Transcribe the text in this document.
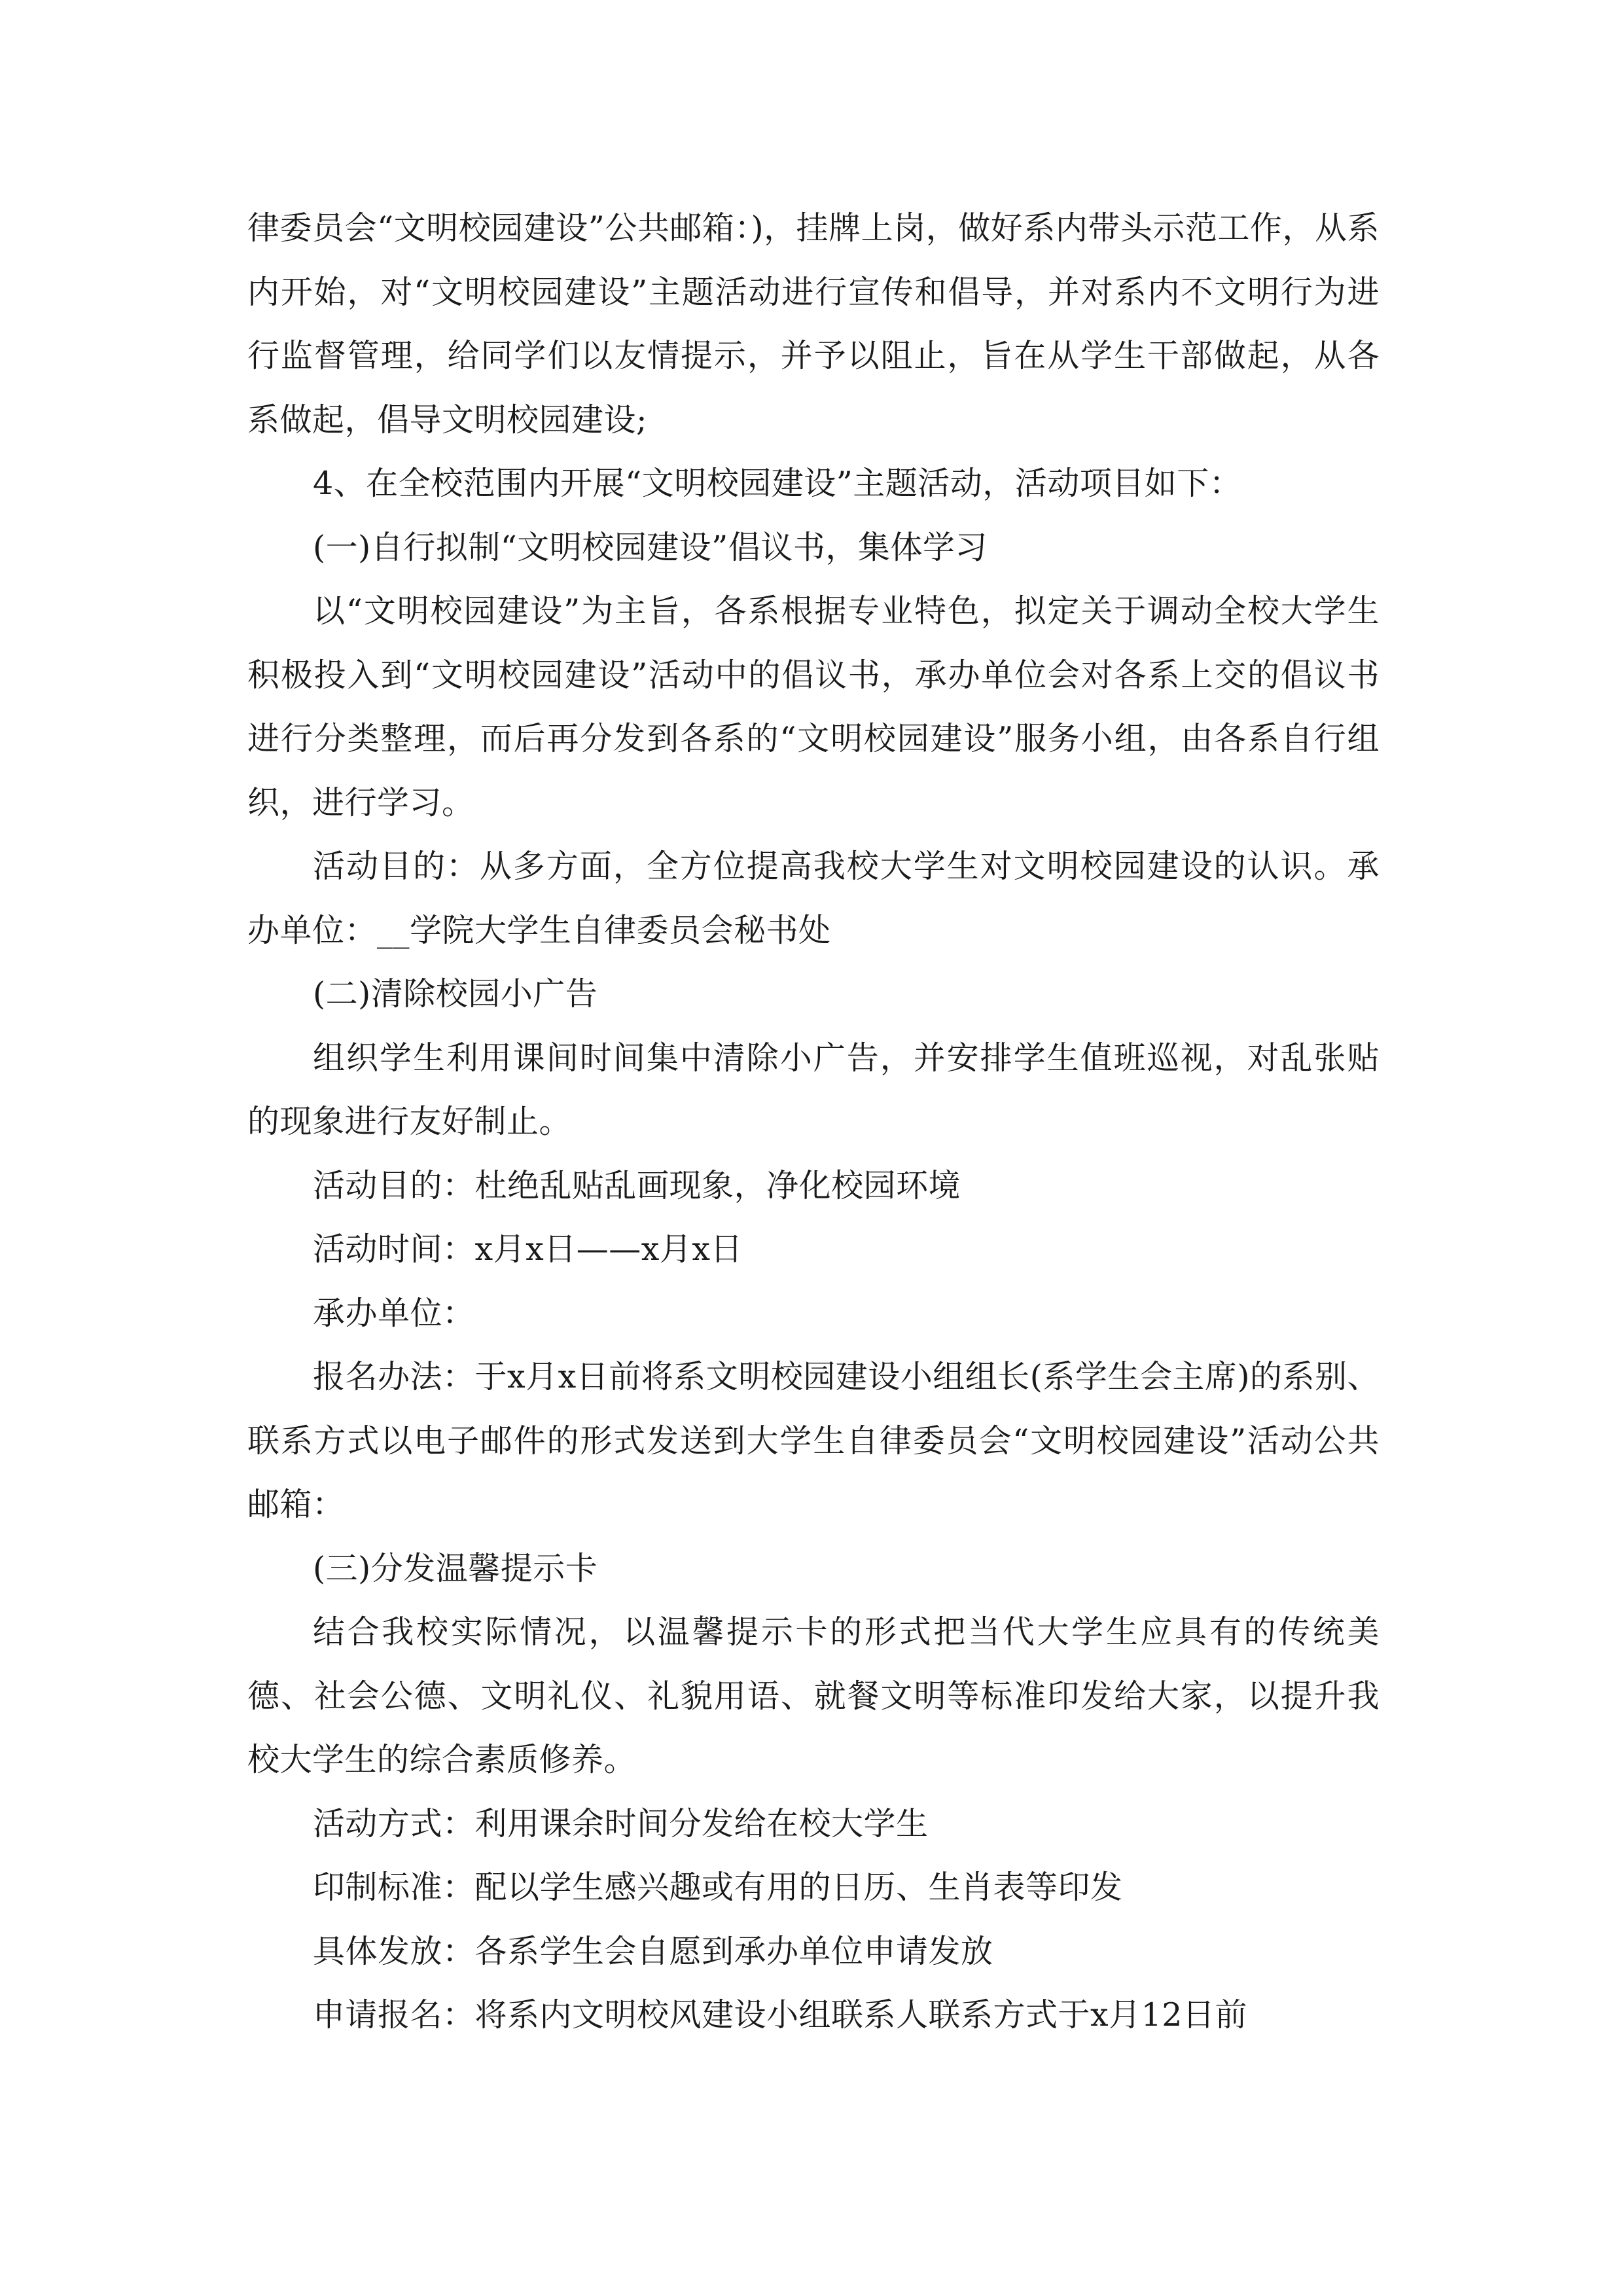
律委员会“文明校园建设”公共邮箱：)，挂牌上岗，做好系内带头示范工作，从系内开始，对“文明校园建设”主题活动进行宣传和倡导，并对系内不文明行为进行监督管理，给同学们以友情提示，并予以阻止，旨在从学生干部做起，从各系做起，倡导文明校园建设;

4、在全校范围内开展“文明校园建设”主题活动，活动项目如下：

(一)自行拟制“文明校园建设”倡议书，集体学习

以“文明校园建设”为主旨，各系根据专业特色，拟定关于调动全校大学生积极投入到“文明校园建设”活动中的倡议书，承办单位会对各系上交的倡议书进行分类整理，而后再分发到各系的“文明校园建设”服务小组，由各系自行组织，进行学习。

活动目的：从多方面，全方位提高我校大学生对文明校园建设的认识。承办单位：__学院大学生自律委员会秘书处

(二)清除校园小广告

组织学生利用课间时间集中清除小广告，并安排学生值班巡视，对乱张贴的现象进行友好制止。

活动目的：杜绝乱贴乱画现象，净化校园环境

活动时间：x月x日——x月x日

承办单位：

报名办法：于x月x日前将系文明校园建设小组组长(系学生会主席)的系别、联系方式以电子邮件的形式发送到大学生自律委员会“文明校园建设”活动公共邮箱：

(三)分发温馨提示卡

结合我校实际情况，以温馨提示卡的形式把当代大学生应具有的传统美德、社会公德、文明礼仪、礼貌用语、就餐文明等标准印发给大家，以提升我校大学生的综合素质修养。

活动方式：利用课余时间分发给在校大学生

印制标准：配以学生感兴趣或有用的日历、生肖表等印发

具体发放：各系学生会自愿到承办单位申请发放

申请报名：将系内文明校风建设小组联系人联系方式于x月12日前
